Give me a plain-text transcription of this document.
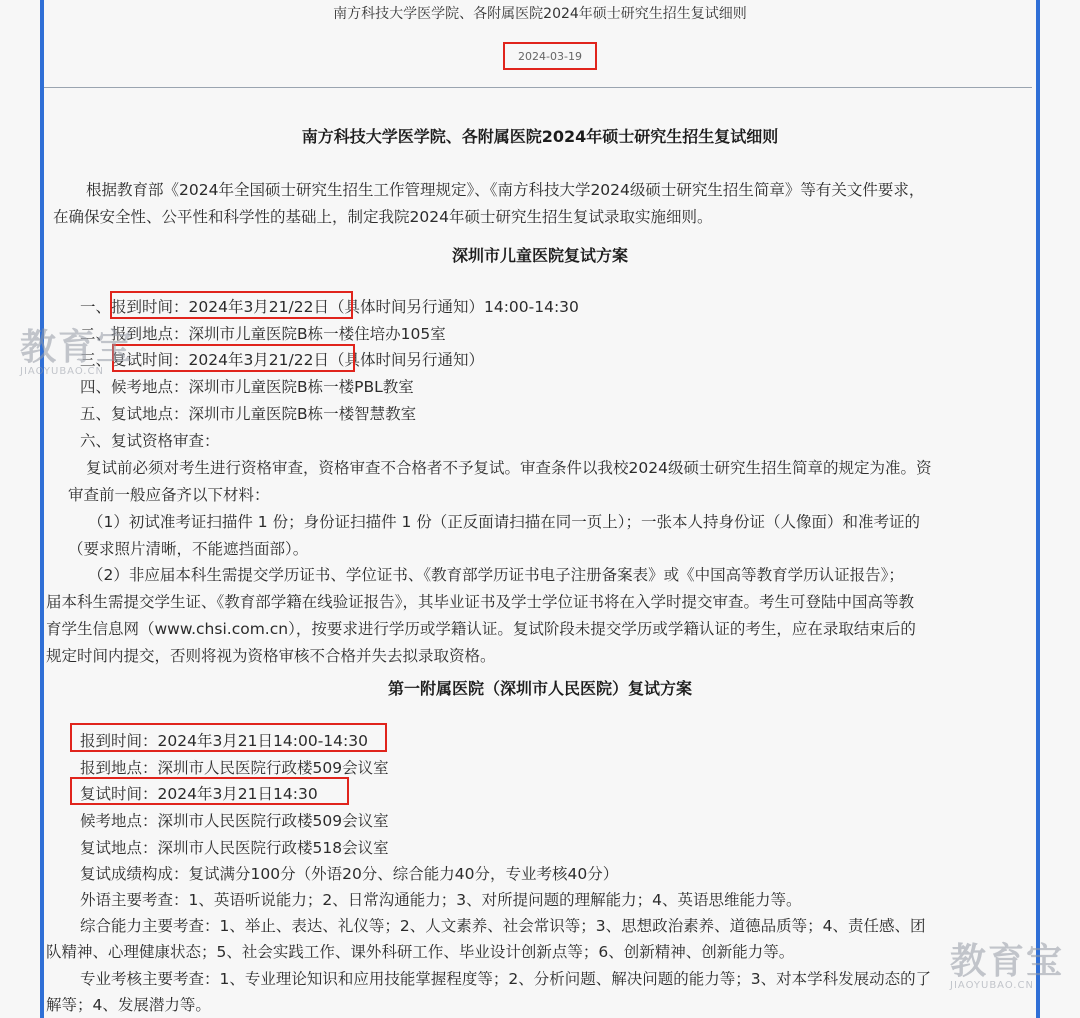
南方科技大学医学院、各附属医院2024年硕士研究生招生复试细则
2024-03-19
南方科技大学医学院、各附属医院2024年硕士研究生招生复试细则
根据教育部《2024年全国硕士研究生招生工作管理规定》、《南方科技大学2024级硕士研究生招生简章》等有关文件要求，
在确保安全性、公平性和科学性的基础上，制定我院2024年硕士研究生招生复试录取实施细则。
深圳市儿童医院复试方案
一、报到时间：2024年3月21/22日（具体时间另行通知）14:00-14:30
二、报到地点：深圳市儿童医院B栋一楼住培办105室
三、复试时间：2024年3月21/22日（具体时间另行通知）
四、候考地点：深圳市儿童医院B栋一楼PBL教室
五、复试地点：深圳市儿童医院B栋一楼智慧教室
六、复试资格审查：
复试前必须对考生进行资格审查，资格审查不合格者不予复试。审查条件以我校2024级硕士研究生招生简章的规定为准。资
审查前一般应备齐以下材料：
（1）初试准考证扫描件 1 份；身份证扫描件 1 份（正反面请扫描在同一页上）；一张本人持身份证（人像面）和准考证的
（要求照片清晰，不能遮挡面部）。
（2）非应届本科生需提交学历证书、学位证书、《教育部学历证书电子注册备案表》或《中国高等教育学历认证报告》；
届本科生需提交学生证、《教育部学籍在线验证报告》，其毕业证书及学士学位证书将在入学时提交审查。考生可登陆中国高等教
育学生信息网（www.chsi.com.cn），按要求进行学历或学籍认证。复试阶段未提交学历或学籍认证的考生，应在录取结束后的
规定时间内提交，否则将视为资格审核不合格并失去拟录取资格。
第一附属医院（深圳市人民医院）复试方案
报到时间：2024年3月21日14:00-14:30
报到地点：深圳市人民医院行政楼509会议室
复试时间：2024年3月21日14:30
候考地点：深圳市人民医院行政楼509会议室
复试地点：深圳市人民医院行政楼518会议室
复试成绩构成：复试满分100分（外语20分、综合能力40分，专业考核40分）
外语主要考查：1、英语听说能力；2、日常沟通能力；3、对所提问题的理解能力；4、英语思维能力等。
综合能力主要考查：1、举止、表达、礼仪等；2、人文素养、社会常识等；3、思想政治素养、道德品质等；4、责任感、团
队精神、心理健康状态；5、社会实践工作、课外科研工作、毕业设计创新点等；6、创新精神、创新能力等。
专业考核主要考查：1、专业理论知识和应用技能掌握程度等；2、分析问题、解决问题的能力等；3、对本学科发展动态的了
解等；4、发展潜力等。
教育宝
JIAOYUBAO.CN
教育宝
JIAOYUBAO.CN
